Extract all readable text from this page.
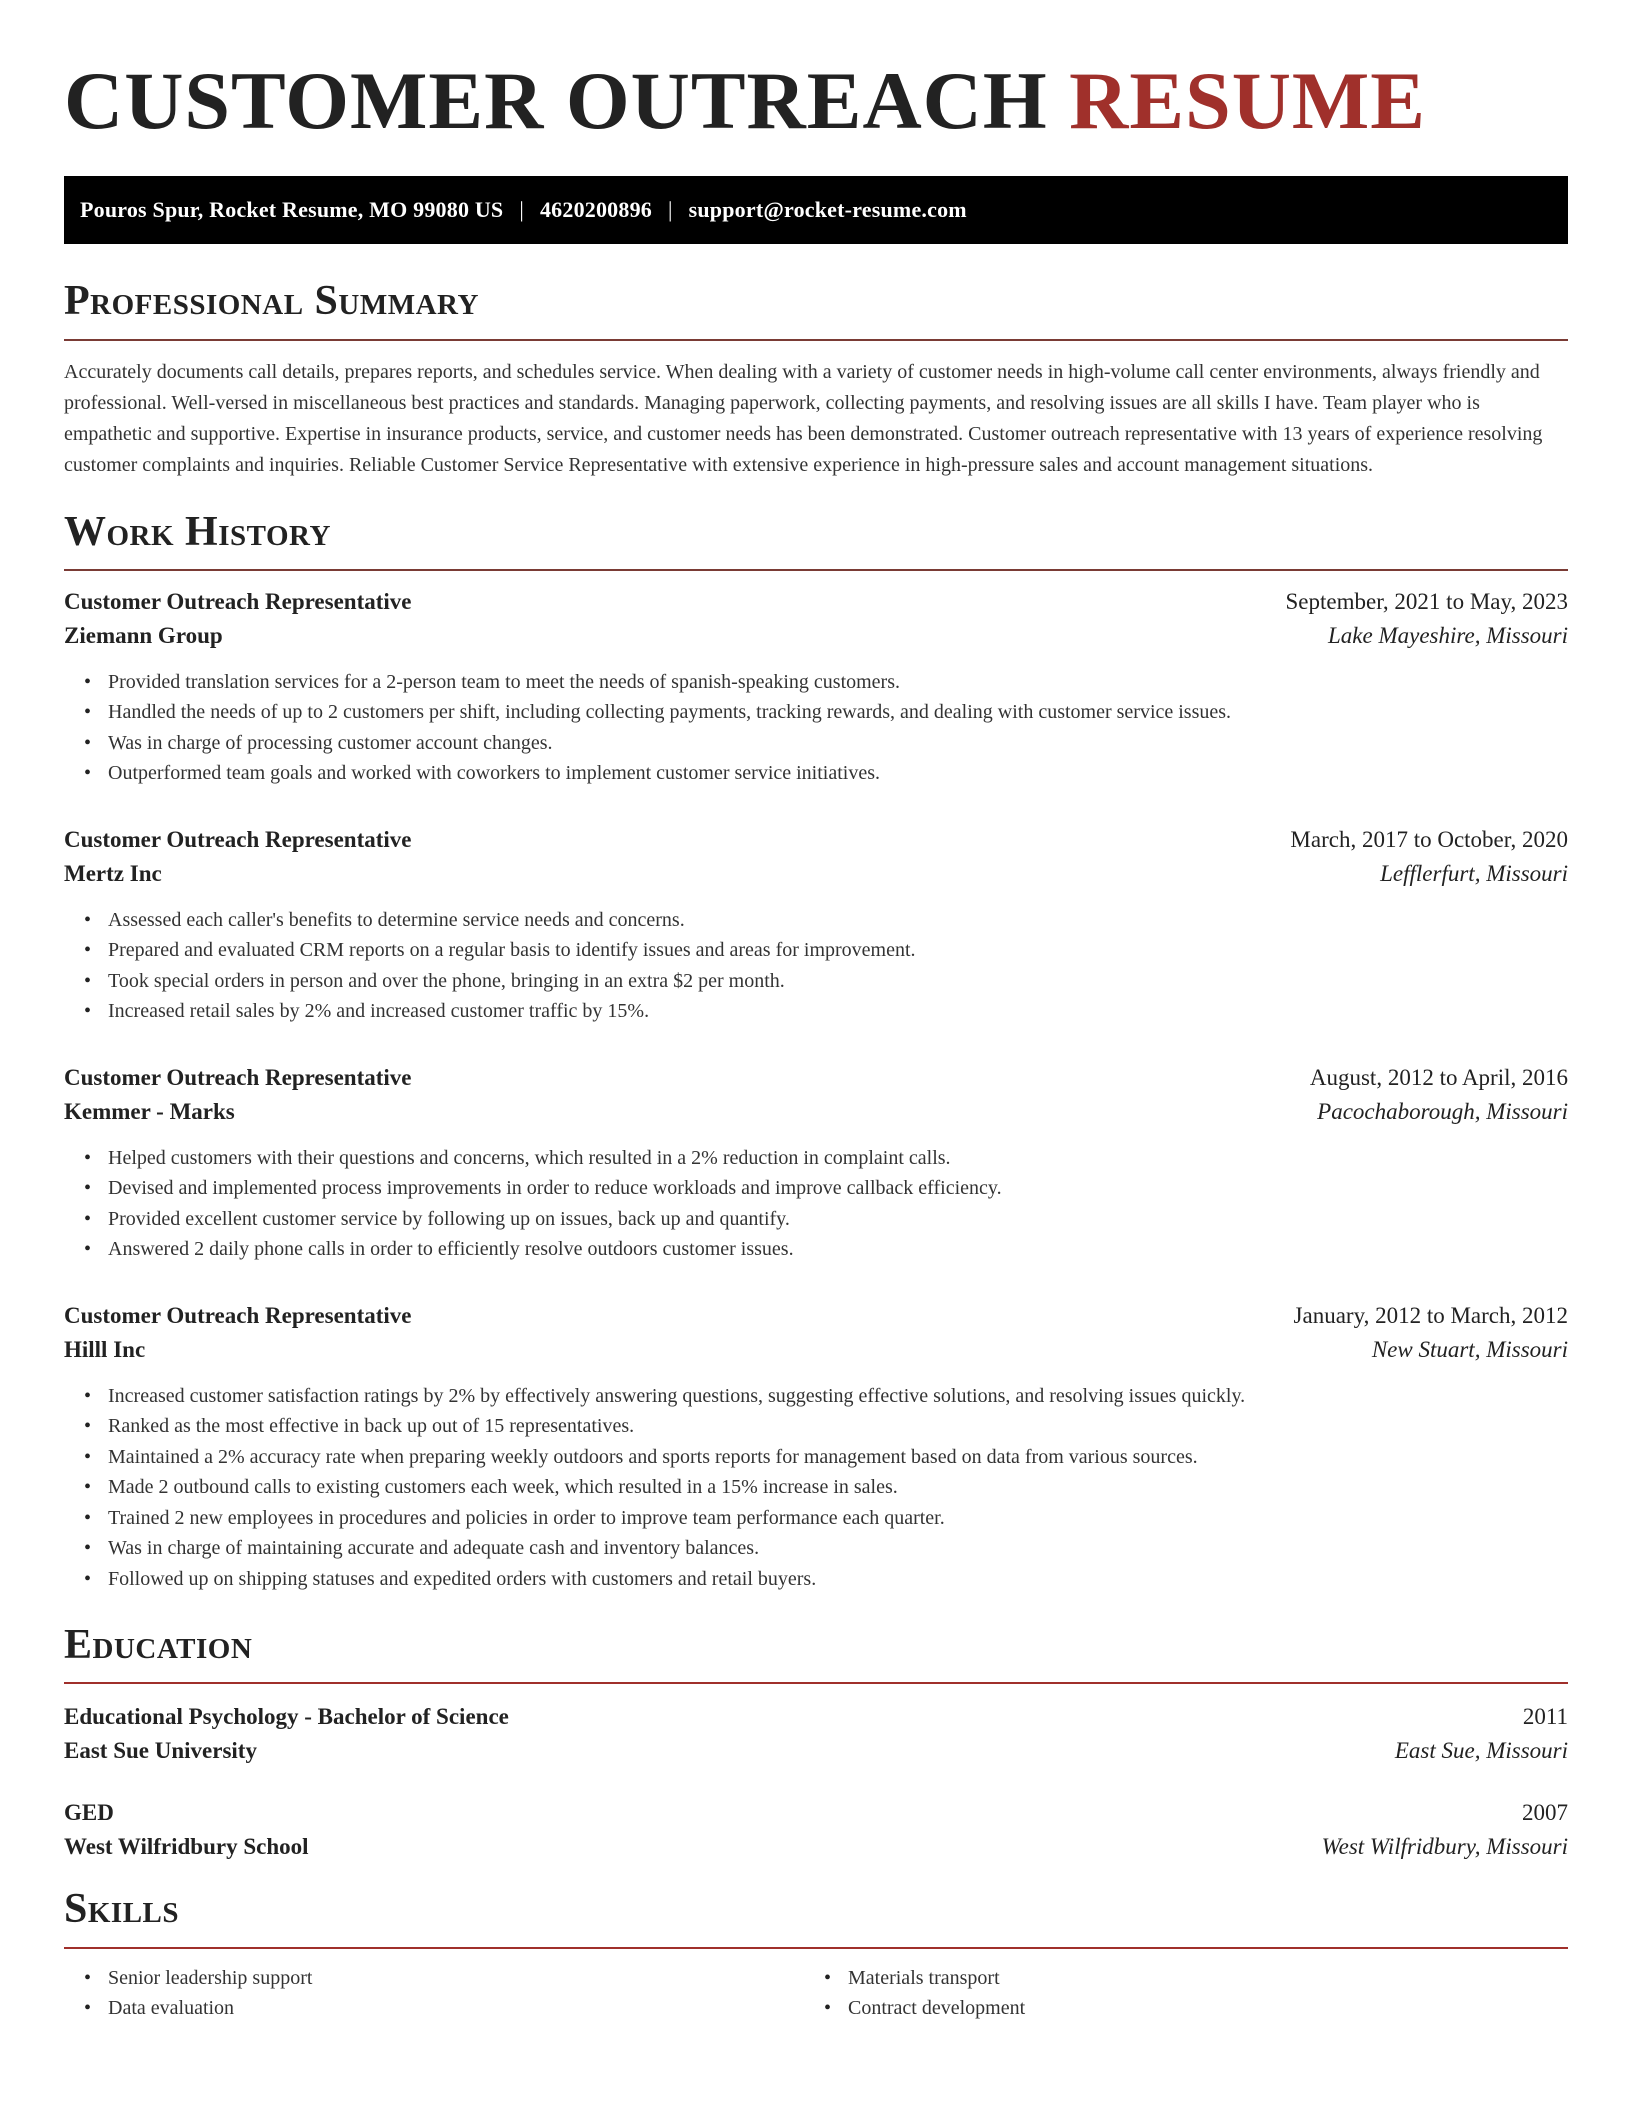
CUSTOMER OUTREACH RESUME
Pouros Spur, Rocket Resume, MO 99080 US | 4620200896 | support@rocket-resume.com
Professional Summary

Accurately documents call details, prepares reports, and schedules service. When dealing with a variety of customer needs in high-volume call center environments, always friendly and professional. Well-versed in miscellaneous best practices and standards. Managing paperwork, collecting payments, and resolving issues are all skills I have. Team player who is empathetic and supportive. Expertise in insurance products, service, and customer needs has been demonstrated. Customer outreach representative with 13 years of experience resolving customer complaints and inquiries. Reliable Customer Service Representative with extensive experience in high-pressure sales and account management situations.

Work History
Customer Outreach Representative	September, 2021 to May, 2023
Ziemann Group	Lake Mayeshire, Missouri
• Provided translation services for a 2-person team to meet the needs of spanish-speaking customers.
• Handled the needs of up to 2 customers per shift, including collecting payments, tracking rewards, and dealing with customer service issues.
• Was in charge of processing customer account changes.
• Outperformed team goals and worked with coworkers to implement customer service initiatives.
Customer Outreach Representative	March, 2017 to October, 2020
Mertz Inc	Lefflerfurt, Missouri
• Assessed each caller's benefits to determine service needs and concerns.
• Prepared and evaluated CRM reports on a regular basis to identify issues and areas for improvement.
• Took special orders in person and over the phone, bringing in an extra $2 per month.
• Increased retail sales by 2% and increased customer traffic by 15%.
Customer Outreach Representative	August, 2012 to April, 2016
Kemmer - Marks	Pacochaborough, Missouri
• Helped customers with their questions and concerns, which resulted in a 2% reduction in complaint calls.
• Devised and implemented process improvements in order to reduce workloads and improve callback efficiency.
• Provided excellent customer service by following up on issues, back up and quantify.
• Answered 2 daily phone calls in order to efficiently resolve outdoors customer issues.
Customer Outreach Representative	January, 2012 to March, 2012
Hilll Inc	New Stuart, Missouri
• Increased customer satisfaction ratings by 2% by effectively answering questions, suggesting effective solutions, and resolving issues quickly.
• Ranked as the most effective in back up out of 15 representatives.
• Maintained a 2% accuracy rate when preparing weekly outdoors and sports reports for management based on data from various sources.
• Made 2 outbound calls to existing customers each week, which resulted in a 15% increase in sales.
• Trained 2 new employees in procedures and policies in order to improve team performance each quarter.
• Was in charge of maintaining accurate and adequate cash and inventory balances.
• Followed up on shipping statuses and expedited orders with customers and retail buyers.
Education
Educational Psychology - Bachelor of Science	2011
East Sue University	East Sue, Missouri
GED	2007
West Wilfridbury School	West Wilfridbury, Missouri
Skills
• Senior leadership support
• Data evaluation
• Materials transport
• Contract development
